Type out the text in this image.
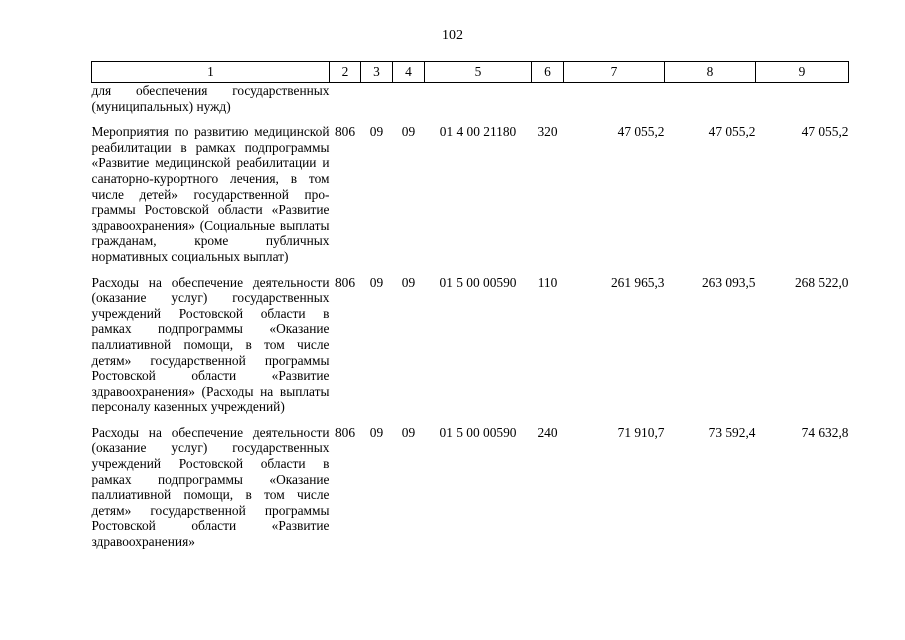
102
1	2	3	4	5	6	7	8	9
для обеспечения государственных (муниципальных) нужд)								
Мероприятия по развитию медицинской реабилитации в рамках подпрограммы «Развитие медицинской реабилитации и санаторно-курортного лечения, в том числе детей» государственной программы Ростовской области «Развитие здравоохранения» (Социальные выплаты гражданам, кроме публичных нормативных социальных выплат)	806	09	09	01 4 00 21180	320	47 055,2	47 055,2	47 055,2
Расходы на обеспечение деятельности (оказание услуг) государственных учреждений Ростовской области в рамках подпрограммы «Оказание паллиативной помощи, в том числе детям» государственной программы Ростовской области «Развитие здравоохранения» (Расходы на выплаты персоналу казенных учреждений)	806	09	09	01 5 00 00590	110	261 965,3	263 093,5	268 522,0
Расходы на обеспечение деятельности (оказание услуг) государственных учреждений Ростовской области в рамках подпрограммы «Оказание паллиативной помощи, в том числе детям» государственной программы Ростовской области «Развитие здравоохранения»	806	09	09	01 5 00 00590	240	71 910,7	73 592,4	74 632,8
